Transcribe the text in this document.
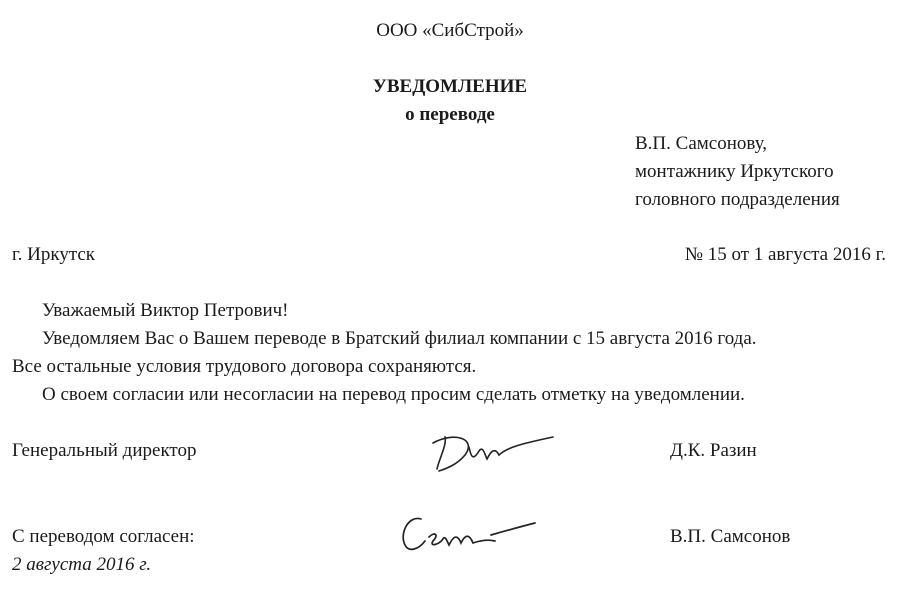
ООО «СибСтрой»
УВЕДОМЛЕНИЕ
о переводе
В.П. Самсонову,
монтажнику Иркутского
головного подразделения
г. Иркутск	№ 15 от 1 августа 2016 г.
Уважаемый Виктор Петрович!
Уведомляем Вас о Вашем переводе в Братский филиал компании с 15 августа 2016 года.
Все остальные условия трудового договора сохраняются.
О своем согласии или несогласии на перевод просим сделать отметку на уведомлении.
Генеральный директор	Д.К. Разин
С переводом согласен:	В.П. Самсонов
2 августа 2016 г.
